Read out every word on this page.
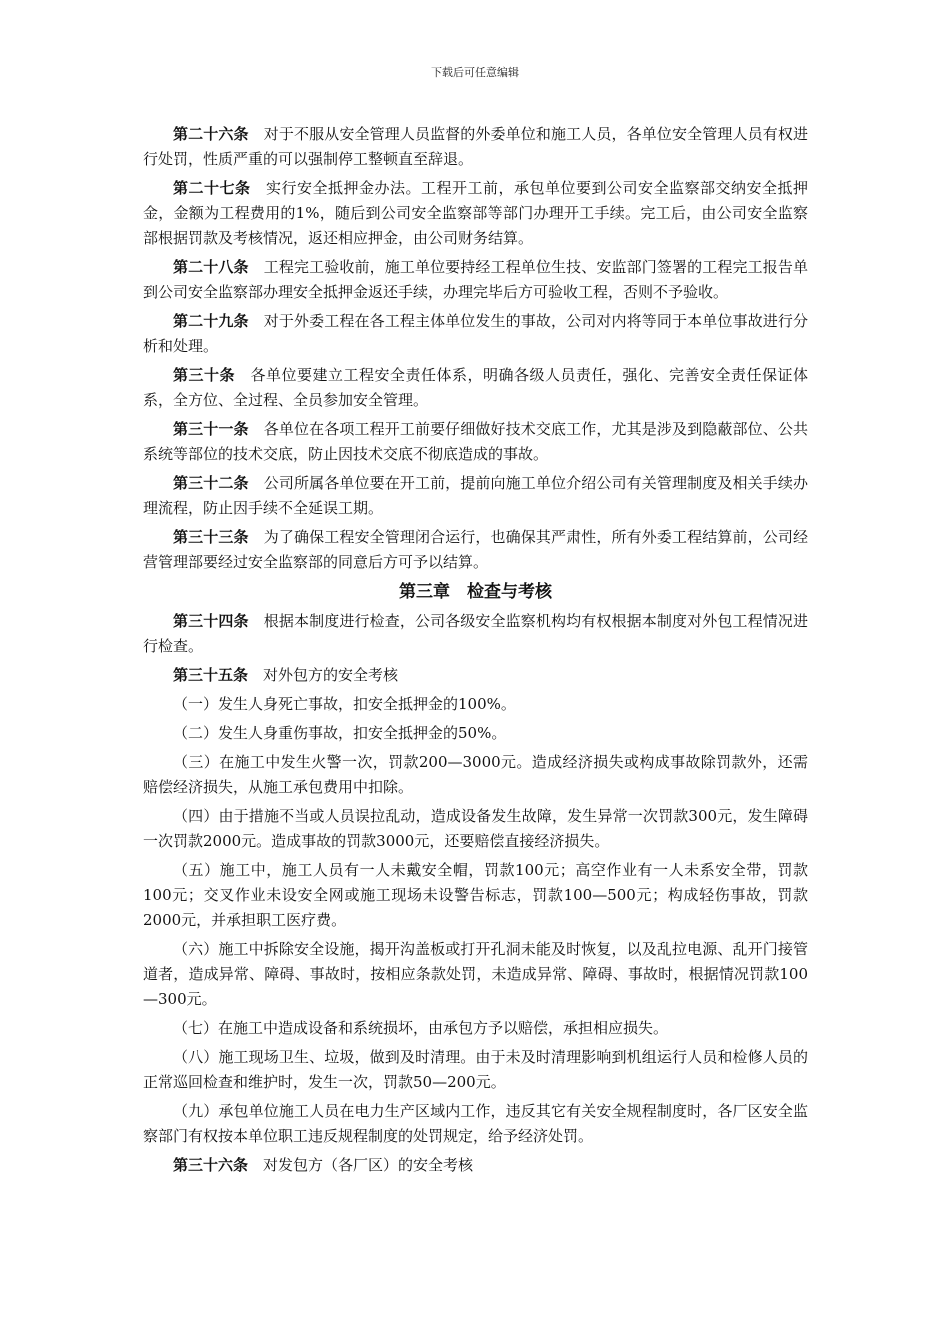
下载后可任意编辑

第二十六条 对于不服从安全管理人员监督的外委单位和施工人员，各单位安全管理人员有权进行处罚，性质严重的可以强制停工整顿直至辞退。

第二十七条 实行安全抵押金办法。工程开工前，承包单位要到公司安全监察部交纳安全抵押金，金额为工程费用的1%，随后到公司安全监察部等部门办理开工手续。完工后，由公司安全监察部根据罚款及考核情况，返还相应押金，由公司财务结算。

第二十八条 工程完工验收前，施工单位要持经工程单位生技、安监部门签署的工程完工报告单到公司安全监察部办理安全抵押金返还手续，办理完毕后方可验收工程，否则不予验收。

第二十九条 对于外委工程在各工程主体单位发生的事故，公司对内将等同于本单位事故进行分析和处理。

第三十条 各单位要建立工程安全责任体系，明确各级人员责任，强化、完善安全责任保证体系，全方位、全过程、全员参加安全管理。

第三十一条 各单位在各项工程开工前要仔细做好技术交底工作，尤其是涉及到隐蔽部位、公共系统等部位的技术交底，防止因技术交底不彻底造成的事故。

第三十二条 公司所属各单位要在开工前，提前向施工单位介绍公司有关管理制度及相关手续办理流程，防止因手续不全延误工期。

第三十三条 为了确保工程安全管理闭合运行，也确保其严肃性，所有外委工程结算前，公司经营管理部要经过安全监察部的同意后方可予以结算。

第三章　检查与考核

第三十四条 根据本制度进行检查，公司各级安全监察机构均有权根据本制度对外包工程情况进行检查。

第三十五条 对外包方的安全考核

（一）发生人身死亡事故，扣安全抵押金的100%。

（二）发生人身重伤事故，扣安全抵押金的50%。

（三）在施工中发生火警一次，罚款200—3000元。造成经济损失或构成事故除罚款外，还需赔偿经济损失，从施工承包费用中扣除。

（四）由于措施不当或人员误拉乱动，造成设备发生故障，发生异常一次罚款300元，发生障碍一次罚款2000元。造成事故的罚款3000元，还要赔偿直接经济损失。

（五）施工中，施工人员有一人未戴安全帽，罚款100元；高空作业有一人未系安全带，罚款100元；交叉作业未设安全网或施工现场未设警告标志，罚款100—500元；构成轻伤事故，罚款2000元，并承担职工医疗费。

（六）施工中拆除安全设施，揭开沟盖板或打开孔洞未能及时恢复，以及乱拉电源、乱开门接管道者，造成异常、障碍、事故时，按相应条款处罚，未造成异常、障碍、事故时，根据情况罚款100—300元。

（七）在施工中造成设备和系统损坏，由承包方予以赔偿，承担相应损失。

（八）施工现场卫生、垃圾，做到及时清理。由于未及时清理影响到机组运行人员和检修人员的正常巡回检查和维护时，发生一次，罚款50—200元。

（九）承包单位施工人员在电力生产区域内工作，违反其它有关安全规程制度时，各厂区安全监察部门有权按本单位职工违反规程制度的处罚规定，给予经济处罚。

第三十六条 对发包方（各厂区）的安全考核
